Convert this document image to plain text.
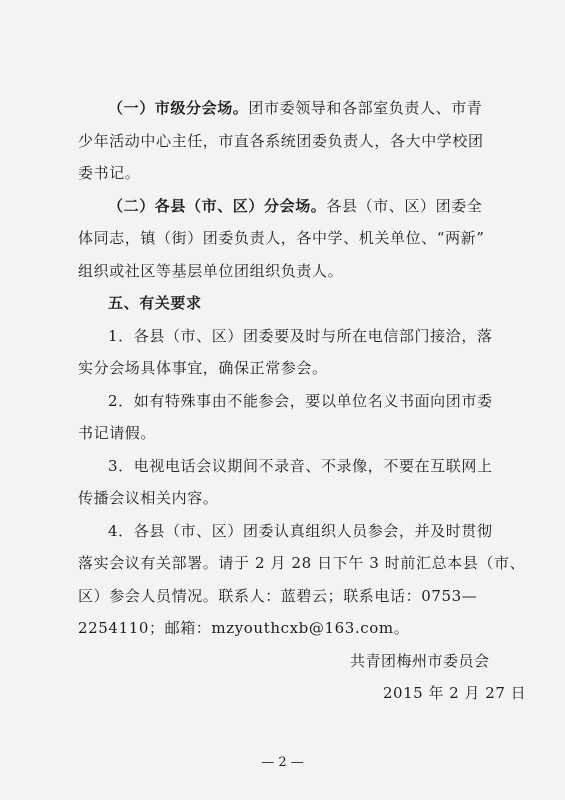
（一）市级分会场。团市委领导和各部室负责人、市青
少年活动中心主任，市直各系统团委负责人，各大中学校团
委书记。
（二）各县（市、区）分会场。各县（市、区）团委全
体同志，镇（街）团委负责人，各中学、机关单位、“两新”
组织或社区等基层单位团组织负责人。
五、有关要求
1．各县（市、区）团委要及时与所在电信部门接洽，落
实分会场具体事宜，确保正常参会。
2．如有特殊事由不能参会，要以单位名义书面向团市委
书记请假。
3．电视电话会议期间不录音、不录像，不要在互联网上
传播会议相关内容。
4．各县（市、区）团委认真组织人员参会，并及时贯彻
落实会议有关部署。请于 2 月 28 日下午 3 时前汇总本县（市、
区）参会人员情况。联系人：蓝碧云；联系电话：0753—
2254110；邮箱：mzyouthcxb@163.com。
共青团梅州市委员会
2015 年 2 月 27 日
— 2 —
